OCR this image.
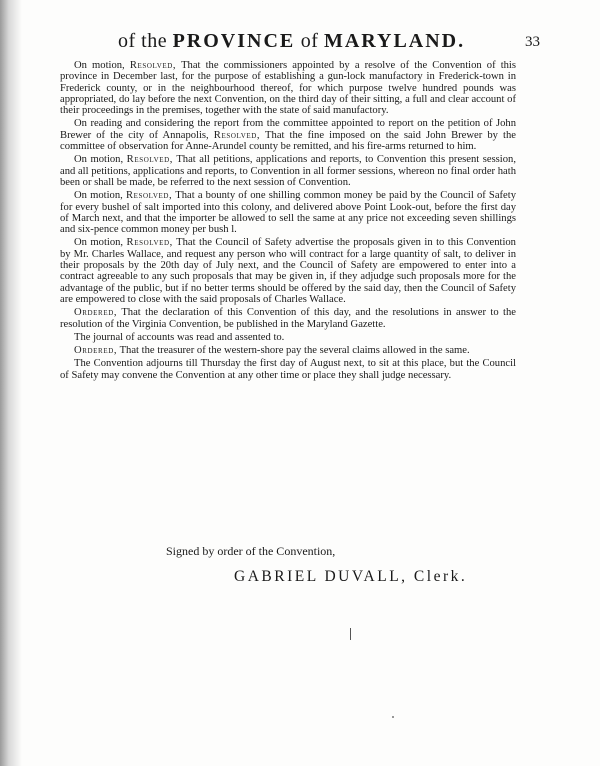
of the PROVINCE of MARYLAND.	33

On motion, Resolved, That the commissioners appointed by a resolve of the Convention of this province in December last, for the purpose of establishing a gun-lock manufactory in Frederick-town in Frederick county, or in the neighbourhood thereof, for which purpose twelve hundred pounds was appropriated, do lay before the next Convention, on the third day of their sitting, a full and clear account of their proceedings in the premises, together with the state of said manufactory.

On reading and considering the report from the committee appointed to report on the petition of John Brewer of the city of Annapolis, Resolved, That the fine imposed on the said John Brewer by the committee of observation for Anne-Arundel county be remitted, and his fire-arms returned to him.

On motion, Resolved, That all petitions, applications and reports, to Convention this present session, and all petitions, applications and reports, to Convention in all former sessions, whereon no final order hath been or shall be made, be referred to the next session of Convention.

On motion, Resolved, That a bounty of one shilling common money be paid by the Council of Safety for every bushel of salt imported into this colony, and delivered above Point Look-out, before the first day of March next, and that the importer be allowed to sell the same at any price not exceeding seven shillings and six-pence common money per bush l.

On motion, Resolved, That the Council of Safety advertise the proposals given in to this Convention by Mr. Charles Wallace, and request any person who will contract for a large quantity of salt, to deliver in their proposals by the 20th day of July next, and the Council of Safety are empowered to enter into a contract agreeable to any such proposals that may be given in, if they adjudge such proposals more for the advantage of the public, but if no better terms should be offered by the said day, then the Council of Safety are empowered to close with the said proposals of Charles Wallace.

Ordered, That the declaration of this Convention of this day, and the resolutions in answer to the resolution of the Virginia Convention, be published in the Maryland Gazette.

The journal of accounts was read and assented to.

Ordered, That the treasurer of the western-shore pay the several claims allowed in the same.

The Convention adjourns till Thursday the first day of August next, to sit at this place, but the Council of Safety may convene the Convention at any other time or place they shall judge necessary.

Signed by order of the Convention,
GABRIEL DUVALL, Clerk.
